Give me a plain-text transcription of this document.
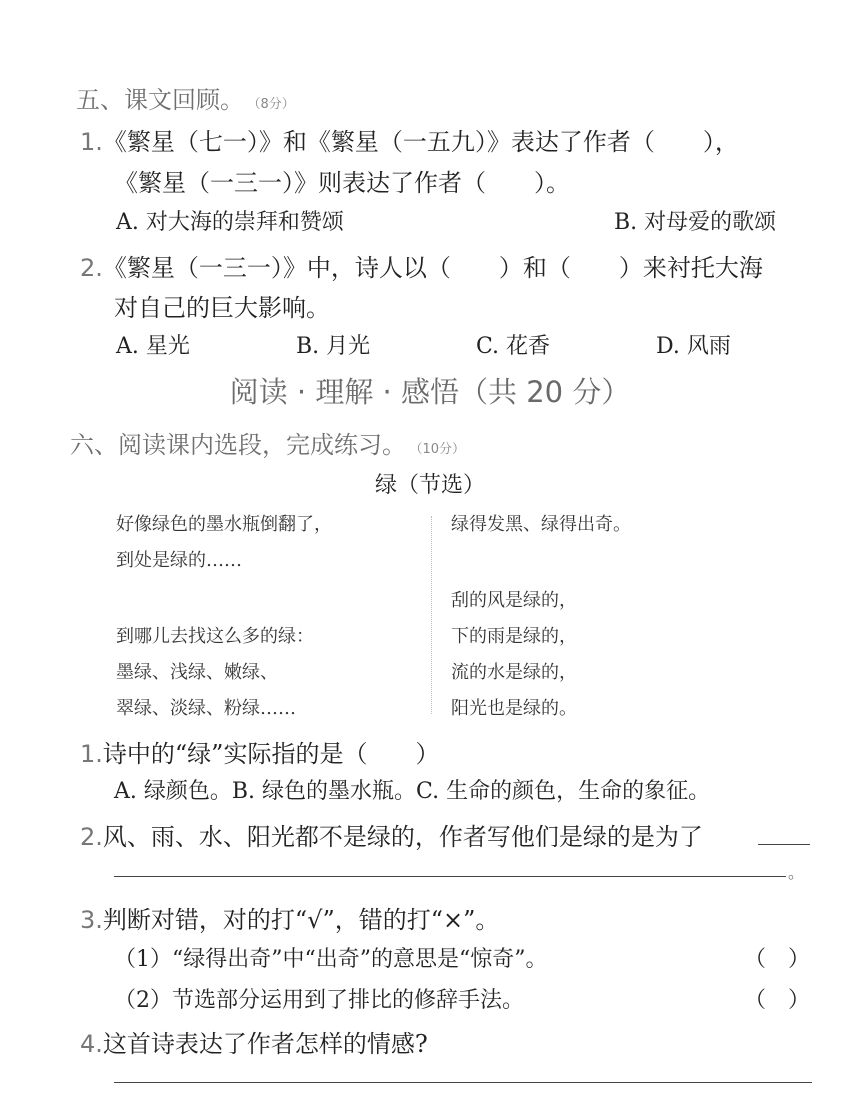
五、课文回顾。 （8分）
1.《繁星（七一）》和《繁星（一五九）》表达了作者（　　），
《繁星（一三一）》则表达了作者（　　）。
A. 对大海的崇拜和赞颂	B. 对母爱的歌颂
2.《繁星（一三一）》中，诗人以（　　）和（　　）来衬托大海
对自己的巨大影响。
A. 星光	B. 月光	C. 花香	D. 风雨
阅读 · 理解 · 感悟（共 20 分）
六、阅读课内选段，完成练习。 （10分）
绿（节选）
好像绿色的墨水瓶倒翻了，
到处是绿的……
到哪儿去找这么多的绿：
墨绿、浅绿、嫩绿、
翠绿、淡绿、粉绿……
绿得发黑、绿得出奇。
刮的风是绿的，
下的雨是绿的，
流的水是绿的，
阳光也是绿的。
1.诗中的“绿”实际指的是（　　）
A. 绿颜色。B. 绿色的墨水瓶。C. 生命的颜色，生命的象征。
2.风、雨、水、阳光都不是绿的，作者写他们是绿的是为了
。
3.判断对错，对的打“√”，错的打“×”。
（1）“绿得出奇”中“出奇”的意思是“惊奇”。	（　）
（2）节选部分运用到了排比的修辞手法。	（　）
4.这首诗表达了作者怎样的情感?
